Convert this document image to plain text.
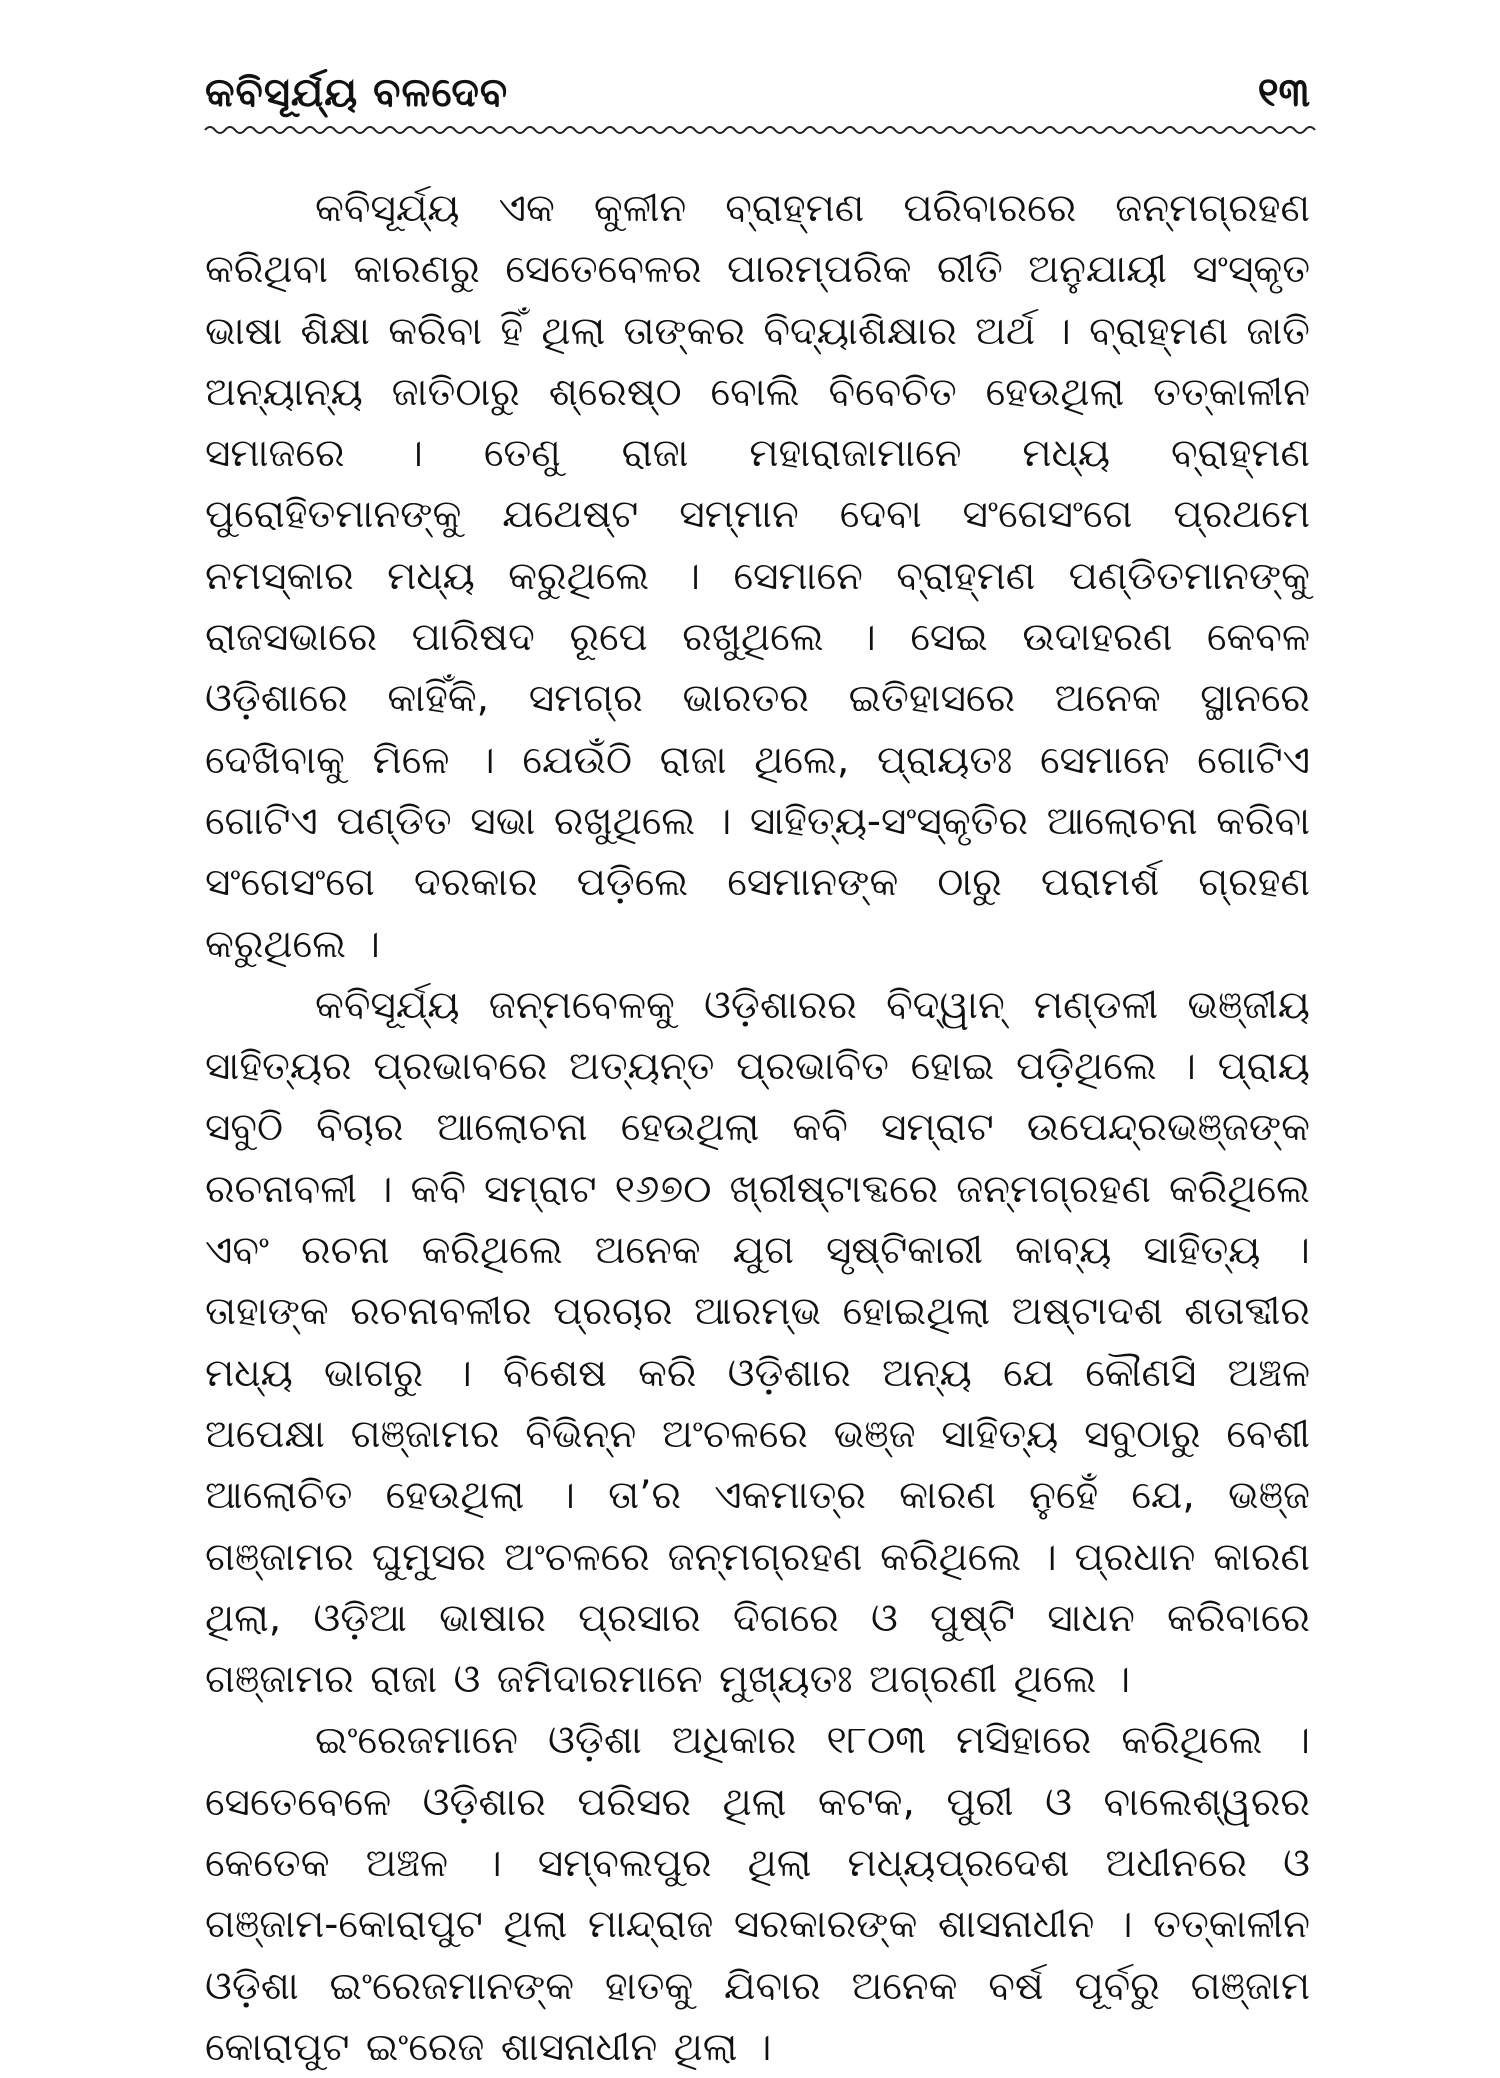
କବିସୂର୍ଯ୍ୟ ବଳଦେବ	୧୩

କବିସୂର୍ଯ୍ୟ ଏକ କୁଳୀନ ବ୍ରାହ୍ମଣ ପରିବାରରେ ଜନ୍ମଗ୍ରହଣ କରିଥିବା କାରଣରୁ ସେତେବେଳର ପାରମ୍ପରିକ ରୀତି ଅନୁଯାୟୀ ସଂସ୍କୃତ ଭାଷା ଶିକ୍ଷା କରିବା ହିଁ ଥିଲା ତାଙ୍କର ବିଦ୍ୟାଶିକ୍ଷାର ଅର୍ଥ । ବ୍ରାହ୍ମଣ ଜାତି ଅନ୍ୟାନ୍ୟ ଜାତିଠାରୁ ଶ୍ରେଷ୍ଠ ବୋଲି ବିବେଚିତ ହେଉଥିଲା ତତ୍‌କାଳୀନ ସମାଜରେ । ତେଣୁ ରାଜା ମହାରାଜାମାନେ ମଧ୍ୟ ବ୍ରାହ୍ମଣ ପୁରୋହିତମାନଙ୍କୁ ଯଥେଷ୍ଟ ସମ୍ମାନ ଦେବା ସଂଗେସଂଗେ ପ୍ରଥମେ ନମସ୍କାର ମଧ୍ୟ କରୁଥିଲେ । ସେମାନେ ବ୍ରାହ୍ମଣ ପଣ୍ଡିତମାନଙ୍କୁ ରାଜସଭାରେ ପାରିଷଦ ରୂପେ ରଖୁଥିଲେ । ସେଇ ଉଦାହରଣ କେବଳ ଓଡ଼ିଶାରେ କାହିଁକି, ସମଗ୍ର ଭାରତର ଇତିହାସରେ ଅନେକ ସ୍ଥାନରେ ଦେଖିବାକୁ ମିଳେ । ଯେଉଁଠି ରାଜା ଥିଲେ, ପ୍ରାୟତଃ ସେମାନେ ଗୋଟିଏ ଗୋଟିଏ ପଣ୍ଡିତ ସଭା ରଖୁଥିଲେ । ସାହିତ୍ୟ-ସଂସ୍କୃତିର ଆଲୋଚନା କରିବା ସଂଗେସଂଗେ ଦରକାର ପଡ଼ିଲେ ସେମାନଙ୍କ ଠାରୁ ପରାମର୍ଶ ଗ୍ରହଣ କରୁଥିଲେ ।

କବିସୂର୍ଯ୍ୟ ଜନ୍ମବେଳକୁ ଓଡ଼ିଶାରର ବିଦ୍ୱାନ୍ ମଣ୍ଡଳୀ ଭଞ୍ଜୀୟ ସାହିତ୍ୟର ପ୍ରଭାବରେ ଅତ୍ୟନ୍ତ ପ୍ରଭାବିତ ହୋଇ ପଡ଼ିଥିଲେ । ପ୍ରାୟ ସବୁଠି ବିଚାର ଆଲୋଚନା ହେଉଥିଲା କବି ସମ୍ରାଟ ଉପେନ୍ଦ୍ରଭଞ୍ଜଙ୍କ ରଚନାବଳୀ । କବି ସମ୍ରାଟ ୧୬୭୦ ଖ୍ରୀଷ୍ଟାବ୍ଦରେ ଜନ୍ମଗ୍ରହଣ କରିଥିଲେ ଏବଂ ରଚନା କରିଥିଲେ ଅନେକ ଯୁଗ ସୃଷ୍ଟିକାରୀ କାବ୍ୟ ସାହିତ୍ୟ । ତାହାଙ୍କ ରଚନାବଳୀର ପ୍ରଚାର ଆରମ୍ଭ ହୋଇଥିଲା ଅଷ୍ଟାଦଶ ଶତାବ୍ଦୀର ମଧ୍ୟ ଭାଗରୁ । ବିଶେଷ କରି ଓଡ଼ିଶାର ଅନ୍ୟ ଯେ କୌଣସି ଅଞ୍ଚଳ ଅପେକ୍ଷା ଗଞ୍ଜାମର ବିଭିନ୍ନ ଅଂଚଳରେ ଭଞ୍ଜ ସାହିତ୍ୟ ସବୁଠାରୁ ବେଶୀ ଆଲୋଚିତ ହେଉଥିଲା । ତା’ର ଏକମାତ୍ର କାରଣ ନୁହେଁ ଯେ, ଭଞ୍ଜ ଗଞ୍ଜାମର ଘୁମୁସର ଅଂଚଳରେ ଜନ୍ମଗ୍ରହଣ କରିଥିଲେ । ପ୍ରଧାନ କାରଣ ଥିଲା, ଓଡ଼ିଆ ଭାଷାର ପ୍ରସାର ଦିଗରେ ଓ ପୁଷ୍ଟି ସାଧନ କରିବାରେ ଗଞ୍ଜାମର ରାଜା ଓ ଜମିଦାରମାନେ ମୁଖ୍ୟତଃ ଅଗ୍ରଣୀ ଥିଲେ ।

ଇଂରେଜମାନେ ଓଡ଼ିଶା ଅଧିକାର ୧୮୦୩ ମସିହାରେ କରିଥିଲେ । ସେତେବେଳେ ଓଡ଼ିଶାର ପରିସର ଥିଲା କଟକ, ପୁରୀ ଓ ବାଲେଶ୍ୱରର କେତେକ ଅଞ୍ଚଳ । ସମ୍ବଲପୁର ଥିଲା ମଧ୍ୟପ୍ରଦେଶ ଅଧୀନରେ ଓ ଗଞ୍ଜାମ-କୋରାପୁଟ ଥିଲା ମାନ୍ଦ୍ରାଜ ସରକାରଙ୍କ ଶାସନାଧୀନ । ତତ୍‌କାଳୀନ ଓଡ଼ିଶା ଇଂରେଜମାନଙ୍କ ହାତକୁ ଯିବାର ଅନେକ ବର୍ଷ ପୂର୍ବରୁ ଗଞ୍ଜାମ କୋରାପୁଟ ଇଂରେଜ ଶାସନାଧୀନ ଥିଲା ।
